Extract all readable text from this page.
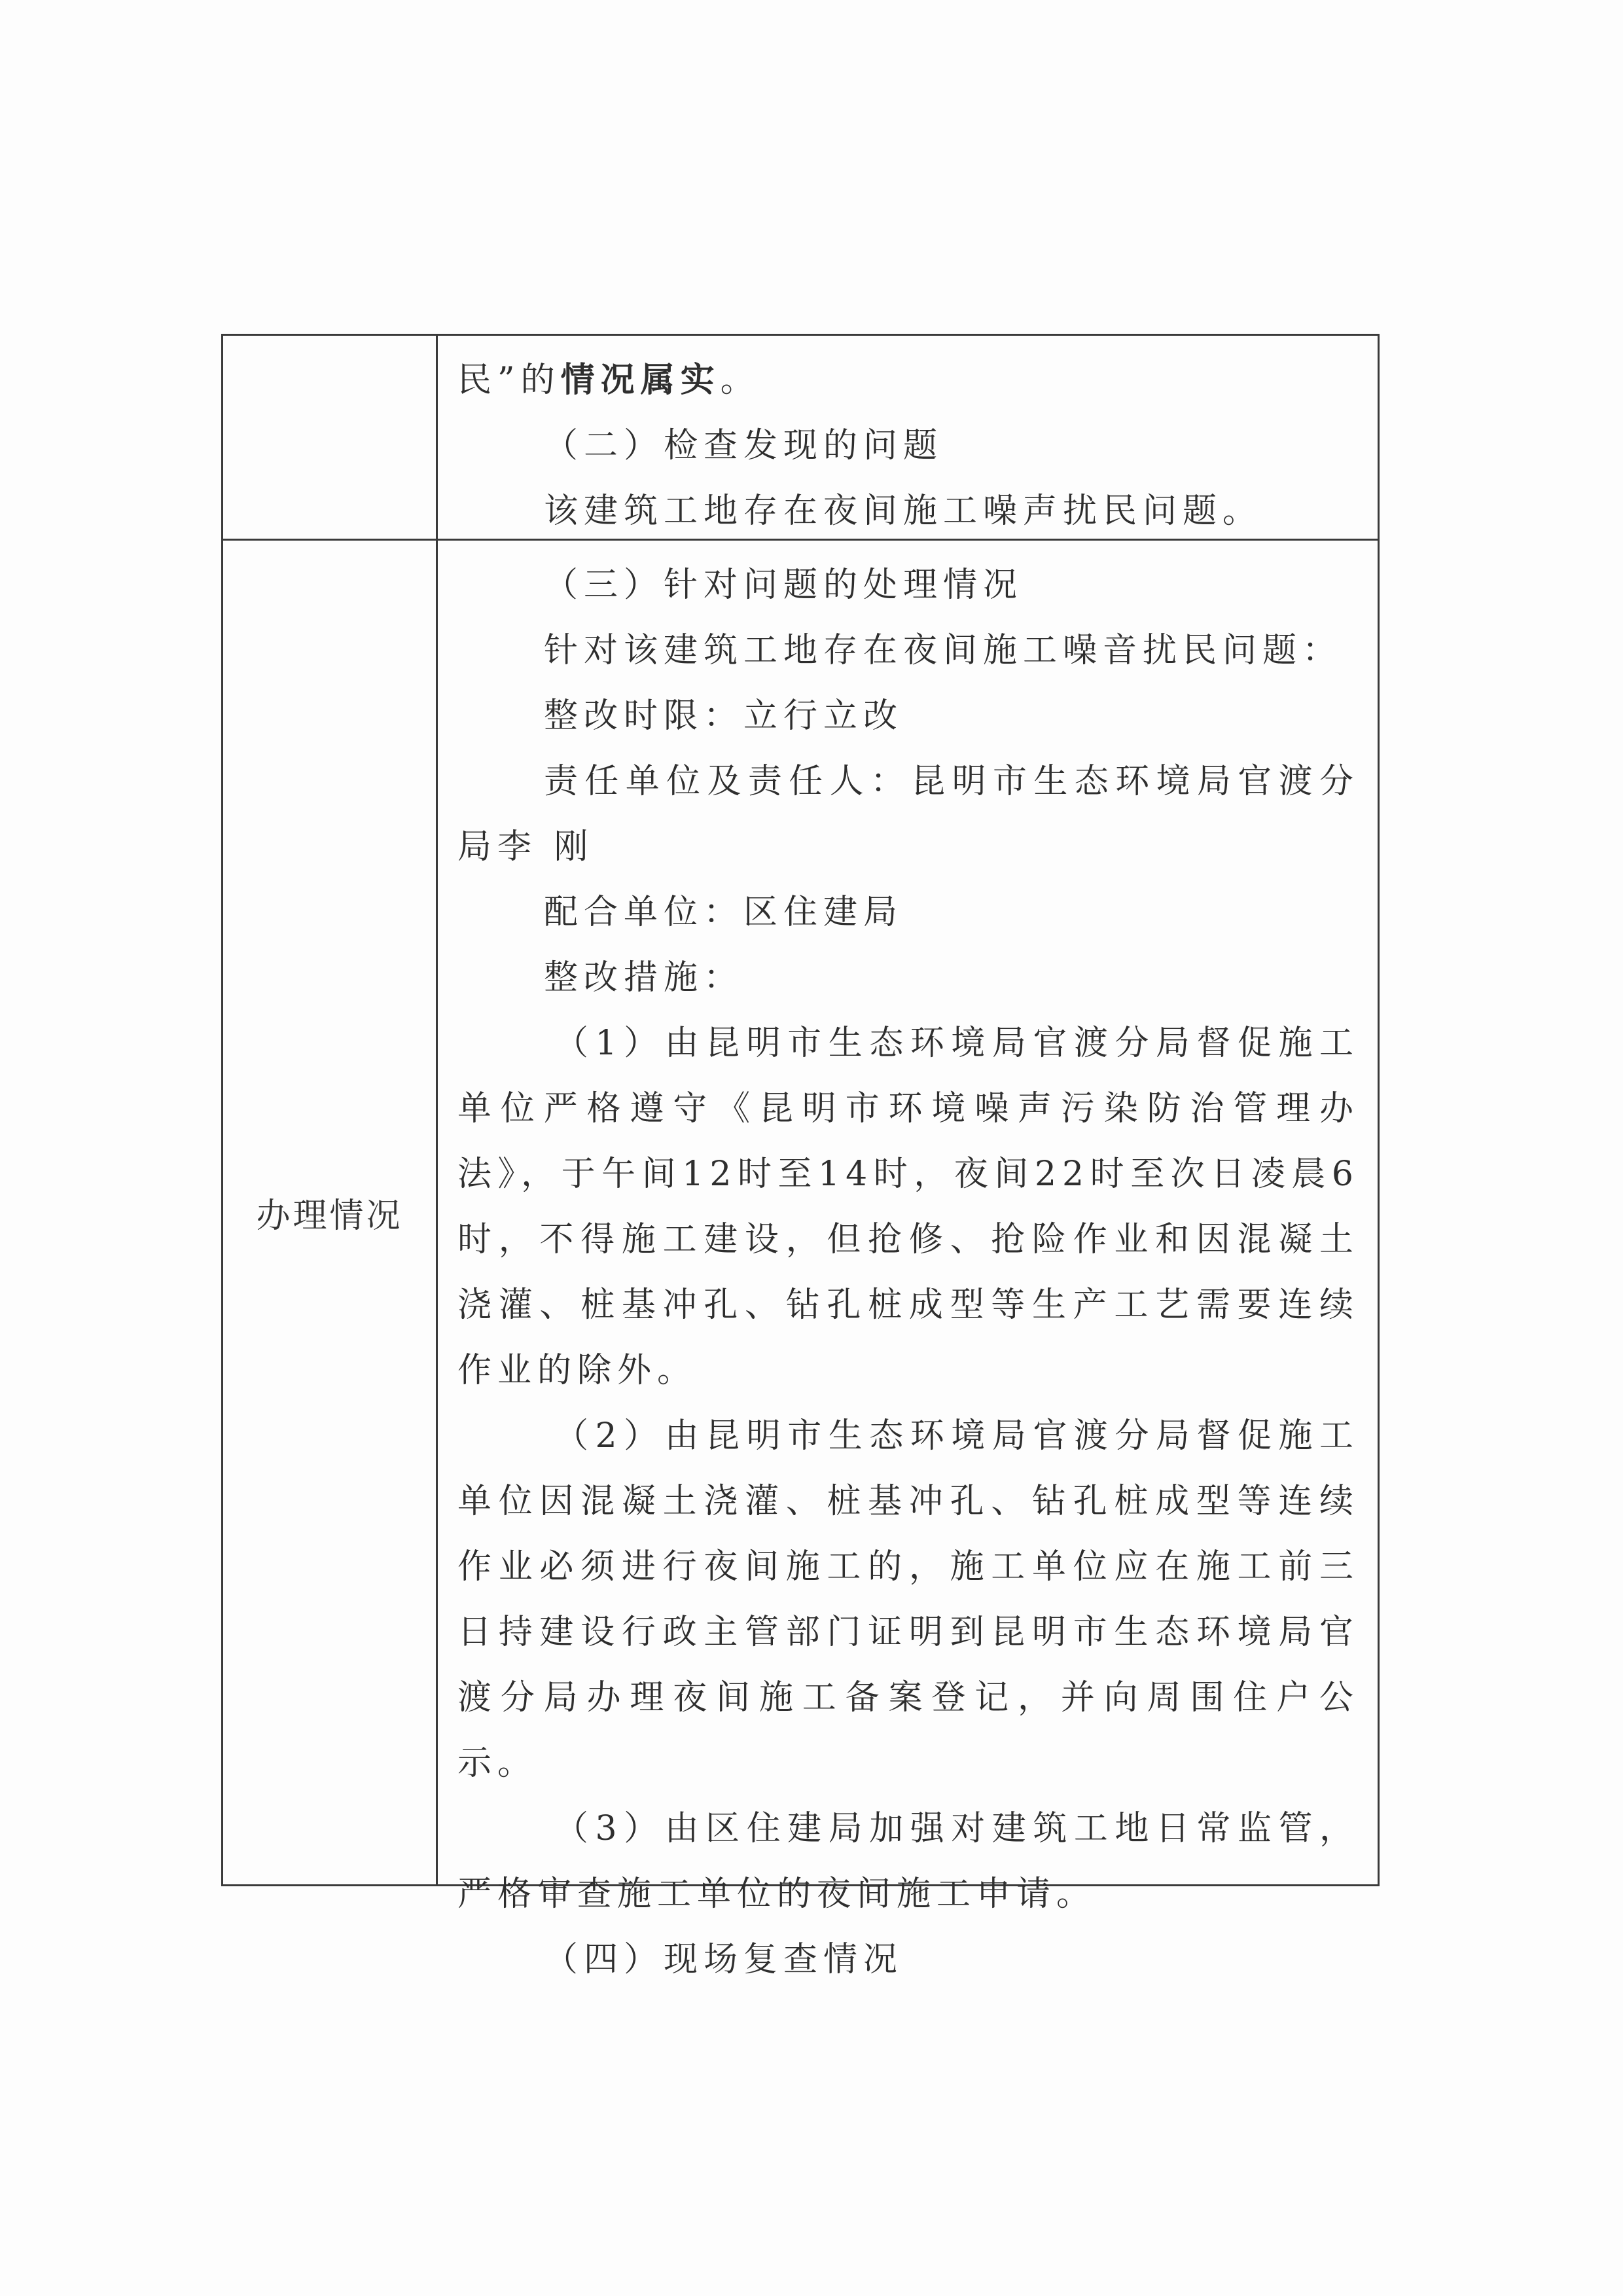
民”的情况属实。

（二）检查发现的问题

该建筑工地存在夜间施工噪声扰民问题。

办理情况

（三）针对问题的处理情况

针对该建筑工地存在夜间施工噪音扰民问题：

整改时限：立行立改

责任单位及责任人：昆明市生态环境局官渡分局李 刚

配合单位：区住建局

整改措施：

（1）由昆明市生态环境局官渡分局督促施工单位严格遵守《昆明市环境噪声污染防治管理办法》，于午间12时至14时，夜间22时至次日凌晨6时，不得施工建设，但抢修、抢险作业和因混凝土浇灌、桩基冲孔、钻孔桩成型等生产工艺需要连续作业的除外。

（2）由昆明市生态环境局官渡分局督促施工单位因混凝土浇灌、桩基冲孔、钻孔桩成型等连续作业必须进行夜间施工的，施工单位应在施工前三日持建设行政主管部门证明到昆明市生态环境局官渡分局办理夜间施工备案登记，并向周围住户公示。

（3）由区住建局加强对建筑工地日常监管，严格审查施工单位的夜间施工申请。

（四）现场复查情况
